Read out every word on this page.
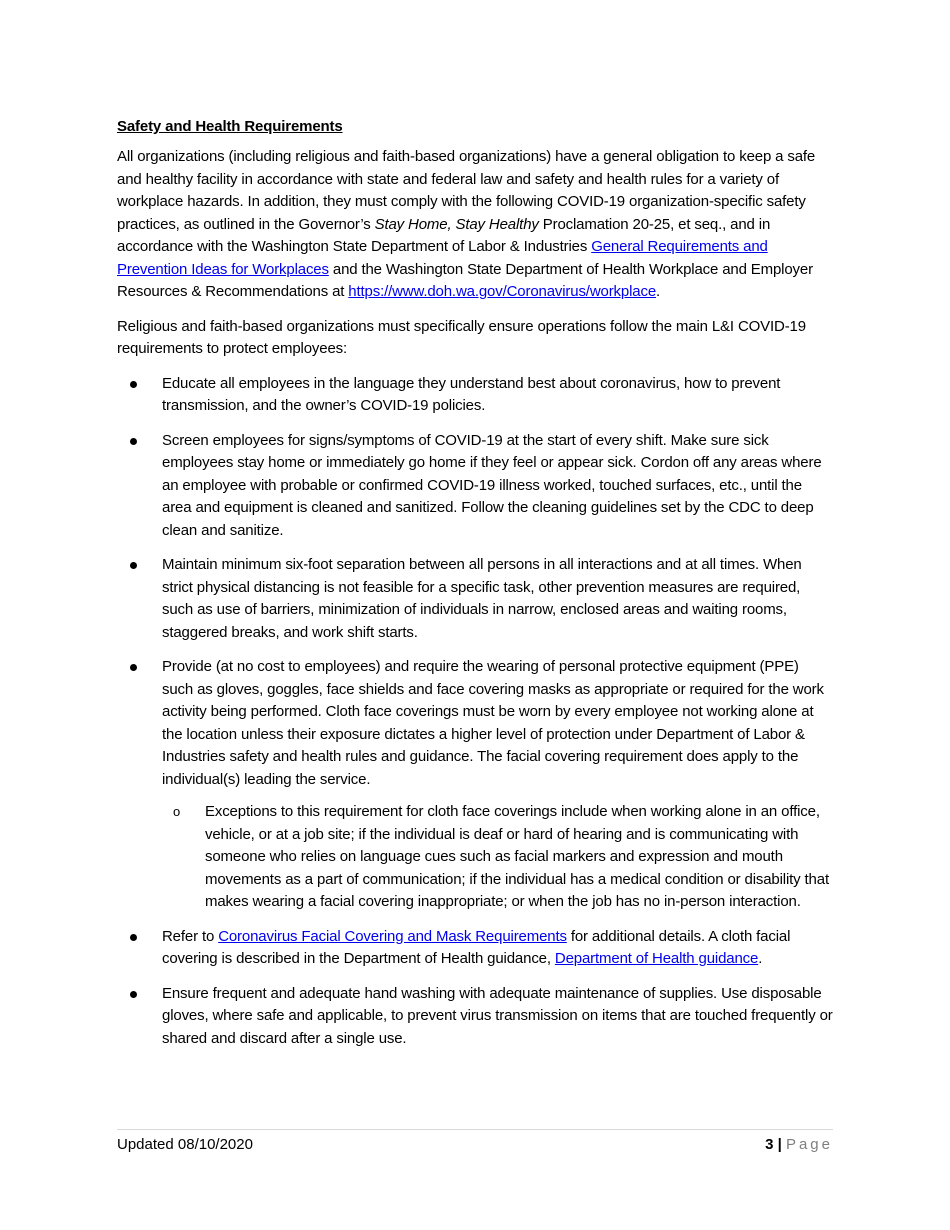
Safety and Health Requirements

All organizations (including religious and faith-based organizations) have a general obligation to keep a safe and healthy facility in accordance with state and federal law and safety and health rules for a variety of workplace hazards. In addition, they must comply with the following COVID-19 organization-specific safety practices, as outlined in the Governor’s Stay Home, Stay Healthy Proclamation 20-25, et seq., and in accordance with the Washington State Department of Labor & Industries General Requirements and Prevention Ideas for Workplaces and the Washington State Department of Health Workplace and Employer Resources & Recommendations at https://www.doh.wa.gov/Coronavirus/workplace.

Religious and faith-based organizations must specifically ensure operations follow the main L&I COVID-19 requirements to protect employees:

Educate all employees in the language they understand best about coronavirus, how to prevent transmission, and the owner’s COVID-19 policies.
Screen employees for signs/symptoms of COVID-19 at the start of every shift. Make sure sick employees stay home or immediately go home if they feel or appear sick. Cordon off any areas where an employee with probable or confirmed COVID-19 illness worked, touched surfaces, etc., until the area and equipment is cleaned and sanitized. Follow the cleaning guidelines set by the CDC to deep clean and sanitize.
Maintain minimum six-foot separation between all persons in all interactions and at all times. When strict physical distancing is not feasible for a specific task, other prevention measures are required, such as use of barriers, minimization of individuals in narrow, enclosed areas and waiting rooms, staggered breaks, and work shift starts.
Provide (at no cost to employees) and require the wearing of personal protective equipment (PPE) such as gloves, goggles, face shields and face covering masks as appropriate or required for the work activity being performed. Cloth face coverings must be worn by every employee not working alone at the location unless their exposure dictates a higher level of protection under Department of Labor & Industries safety and health rules and guidance. The facial covering requirement does apply to the individual(s) leading the service.
o Exceptions to this requirement for cloth face coverings include when working alone in an office, vehicle, or at a job site; if the individual is deaf or hard of hearing and is communicating with someone who relies on language cues such as facial markers and expression and mouth movements as a part of communication; if the individual has a medical condition or disability that makes wearing a facial covering inappropriate; or when the job has no in-person interaction.
Refer to Coronavirus Facial Covering and Mask Requirements for additional details. A cloth facial covering is described in the Department of Health guidance, Department of Health guidance.
Ensure frequent and adequate hand washing with adequate maintenance of supplies. Use disposable gloves, where safe and applicable, to prevent virus transmission on items that are touched frequently or shared and discard after a single use.
Updated 08/10/2020	3 | Page
